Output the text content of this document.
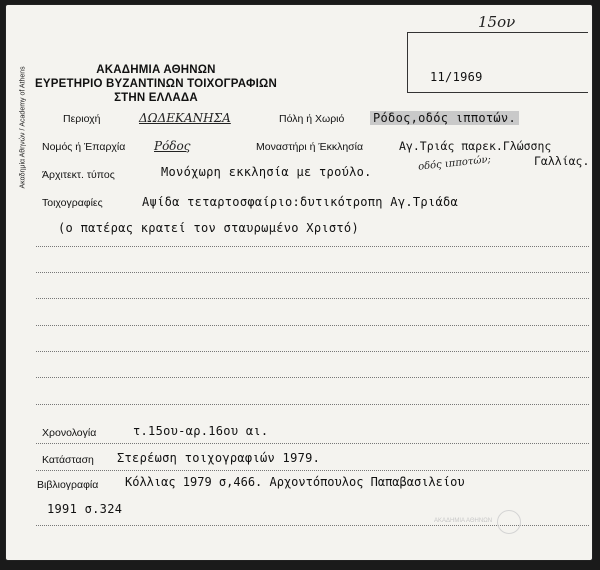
Ακαδημία Αθηνών / Academy of Athens	ΑΚΑΔΗΜΙΑ ΑΘΗΝΩΝ
ΕΥΡΕΤΗΡΙΟ ΒΥΖΑΝΤΙΝΩΝ ΤΟΙΧΟΓΡΑΦΙΩΝ
ΣΤΗΝ ΕΛΛΑΔΑ
15ον
11/1969
Περιοχή	ΔΩΔΕΚΑΝΗΣΑ	Πόλη ή Χωριό Ρόδος,οδός ιπποτών.
Νομός ή Έπαρχία Ρόδος	Μοναστήρι ή Έκκλησία	Αγ.Τριάς παρεκ.Γλώσσης
Γαλλίας.
οδός ιπποτών;
Άρχιτεκτ. τύπος	Μονόχωρη εκκλησία με τρούλο.
Τοιχογραφίες	Αψίδα τεταρτοσφαίριο:δυτικότροπη Αγ.Τριάδα
(ο πατέρας κρατεί τον σταυρωμένο Χριστό)
Χρονολογία	τ.15ου-αρ.16ου αι.
Κατάσταση Στερέωση τοιχογραφιών 1979.
Βιβλιογραφία Κόλλιας 1979 σ,466. Αρχοντόπουλος Παπαβασιλείου
1991 σ.324
ΑΚΑΔΗΜΙΑ ΑΘΗΝΩΝ
